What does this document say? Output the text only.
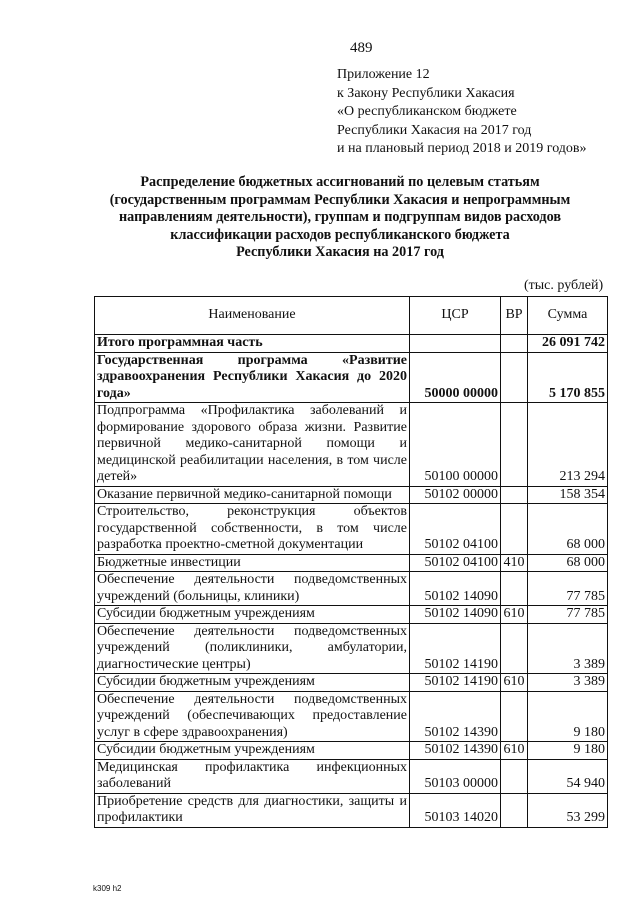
489
Приложение 12
к Закону Республики Хакасия
«О республиканском бюджете
Республики Хакасия на 2017 год
и на плановый период 2018 и 2019 годов»
Распределение бюджетных ассигнований по целевым статьям
(государственным программам Республики Хакасия и непрограммным
направлениям деятельности), группам и подгруппам видов расходов
классификации расходов республиканского бюджета
Республики Хакасия на 2017 год
(тыс. рублей)
Наименование	ЦСР	ВР	Сумма
Итого программная часть			26 091 742
Государственная программа «Развитие здравоохранения Республики Хакасия до 2020 года»	50000 00000		5 170 855
Подпрограмма «Профилактика заболеваний и формирование здорового образа жизни. Развитие первичной медико-санитарной помощи и медицинской реабилитации населения, в том числе детей»	50100 00000		213 294
Оказание первичной медико-санитарной помощи	50102 00000		158 354
Строительство, реконструкция объектов государственной собственности, в том числе разработка проектно-сметной документации	50102 04100		68 000
Бюджетные инвестиции	50102 04100	410	68 000
Обеспечение деятельности подведомственных учреждений (больницы, клиники)	50102 14090		77 785
Субсидии бюджетным учреждениям	50102 14090	610	77 785
Обеспечение деятельности подведомственных учреждений (поликлиники, амбулатории, диагностические центры)	50102 14190		3 389
Субсидии бюджетным учреждениям	50102 14190	610	3 389
Обеспечение деятельности подведомственных учреждений (обеспечивающих предоставление услуг в сфере здравоохранения)	50102 14390		9 180
Субсидии бюджетным учреждениям	50102 14390	610	9 180
Медицинская профилактика инфекционных заболеваний	50103 00000		54 940
Приобретение средств для диагностики, защиты и профилактики	50103 14020		53 299
k309 h2
